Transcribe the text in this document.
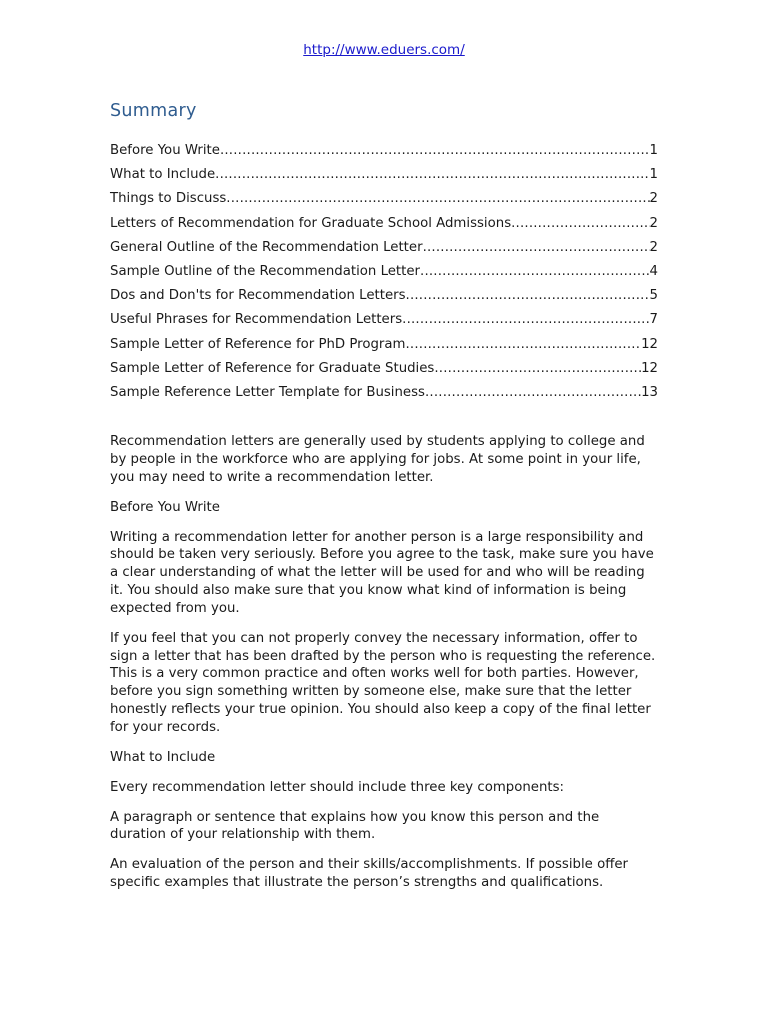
http://www.eduers.com/
Summary
Before You Write .....	1
What to Include .....	1
Things to Discuss .....	2
Letters of Recommendation for Graduate School Admissions .....	2
General Outline of the Recommendation Letter .....	2
Sample Outline of the Recommendation Letter .....	4
Dos and Don'ts for Recommendation Letters .....	5
Useful Phrases for Recommendation Letters .....	7
Sample Letter of Reference for PhD Program .....	12
Sample Letter of Reference for Graduate Studies .....	12
Sample Reference Letter Template for Business .....	13

Recommendation letters are generally used by students applying to college and by people in the workforce who are applying for jobs. At some point in your life, you may need to write a recommendation letter.

Before You Write

Writing a recommendation letter for another person is a large responsibility and should be taken very seriously. Before you agree to the task, make sure you have a clear understanding of what the letter will be used for and who will be reading it. You should also make sure that you know what kind of information is being expected from you.

If you feel that you can not properly convey the necessary information, offer to sign a letter that has been drafted by the person who is requesting the reference. This is a very common practice and often works well for both parties. However, before you sign something written by someone else, make sure that the letter honestly reflects your true opinion. You should also keep a copy of the final letter for your records.

What to Include

Every recommendation letter should include three key components:

A paragraph or sentence that explains how you know this person and the duration of your relationship with them.

An evaluation of the person and their skills/accomplishments. If possible offer specific examples that illustrate the person’s strengths and qualifications.
